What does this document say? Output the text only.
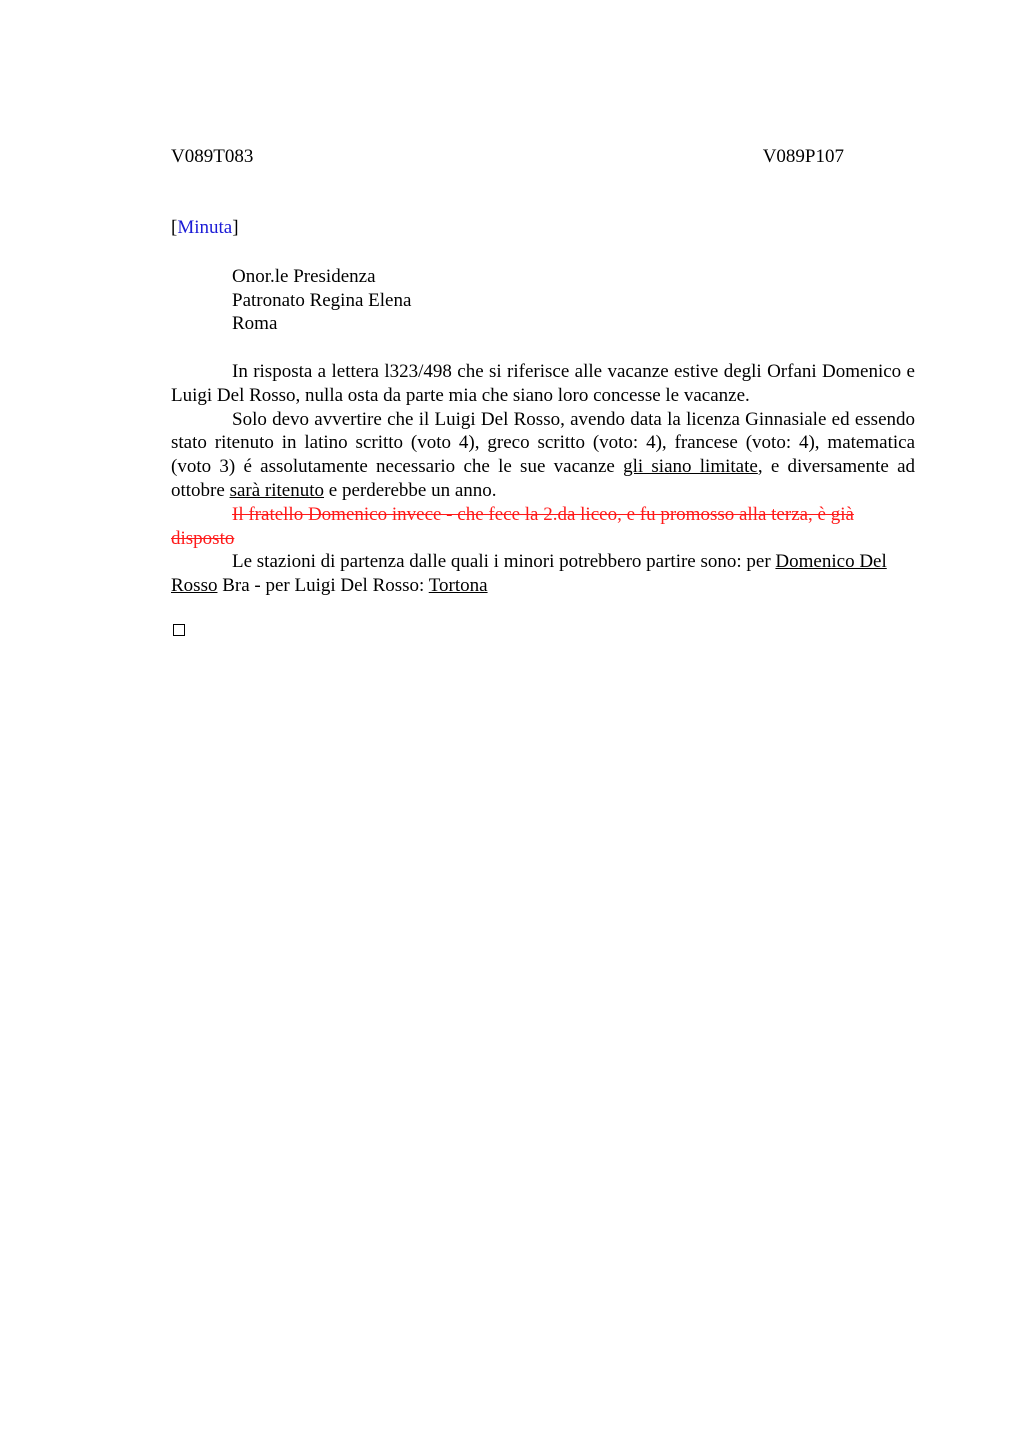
V089T083	V089P107
[Minuta]
Onor.le Presidenza
Patronato Regina Elena
Roma

In risposta a lettera l323/498 che si riferisce alle vacanze estive degli Orfani Domenico e Luigi Del Rosso, nulla osta da parte mia che siano loro concesse le vacanze.

Solo devo avvertire che il Luigi Del Rosso, avendo data la licenza Ginnasiale ed essendo stato ritenuto in latino scritto (voto 4), greco scritto (voto: 4), francese (voto: 4), matematica (voto 3) é assolutamente necessario che le sue vacanze gli siano limitate, e diversamente ad ottobre sarà ritenuto e perderebbe un anno.

Il fratello Domenico invece - che fece la 2.da liceo, e fu promosso alla terza, è già disposto

Le stazioni di partenza dalle quali i minori potrebbero partire sono: per Domenico Del Rosso Bra - per Luigi Del Rosso: Tortona
